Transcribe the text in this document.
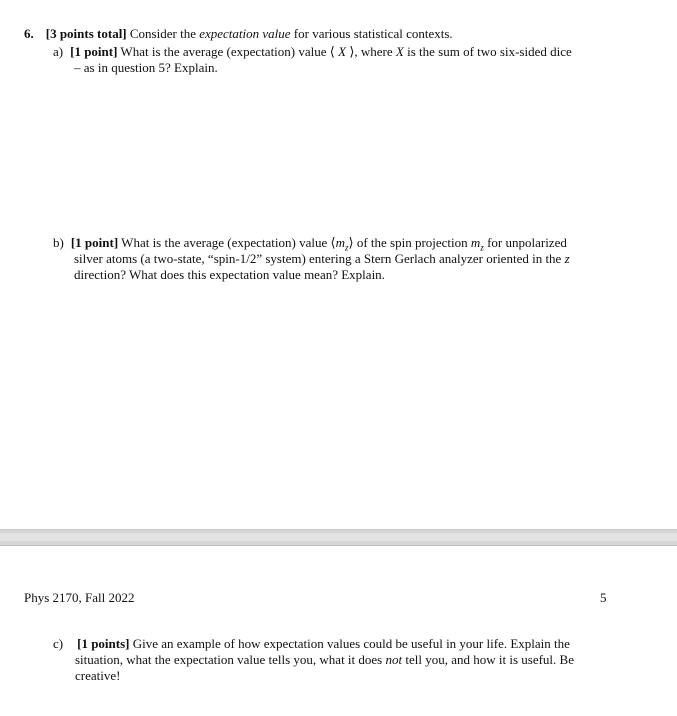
6. [3 points total] Consider the expectation value for various statistical contexts.
a) [1 point] What is the average (expectation) value ⟨ X ⟩, where X is the sum of two six-sided dice
– as in question 5? Explain.
b) [1 point] What is the average (expectation) value $⟨m_z⟩$ of the spin projection $m_z$ for unpolarized
silver atoms (a two-state, “spin-1/2” system) entering a Stern Gerlach analyzer oriented in the z
direction? What does this expectation value mean? Explain.
Phys 2170, Fall 2022	5
c) [1 points] Give an example of how expectation values could be useful in your life. Explain the
situation, what the expectation value tells you, what it does not tell you, and how it is useful. Be
creative!
